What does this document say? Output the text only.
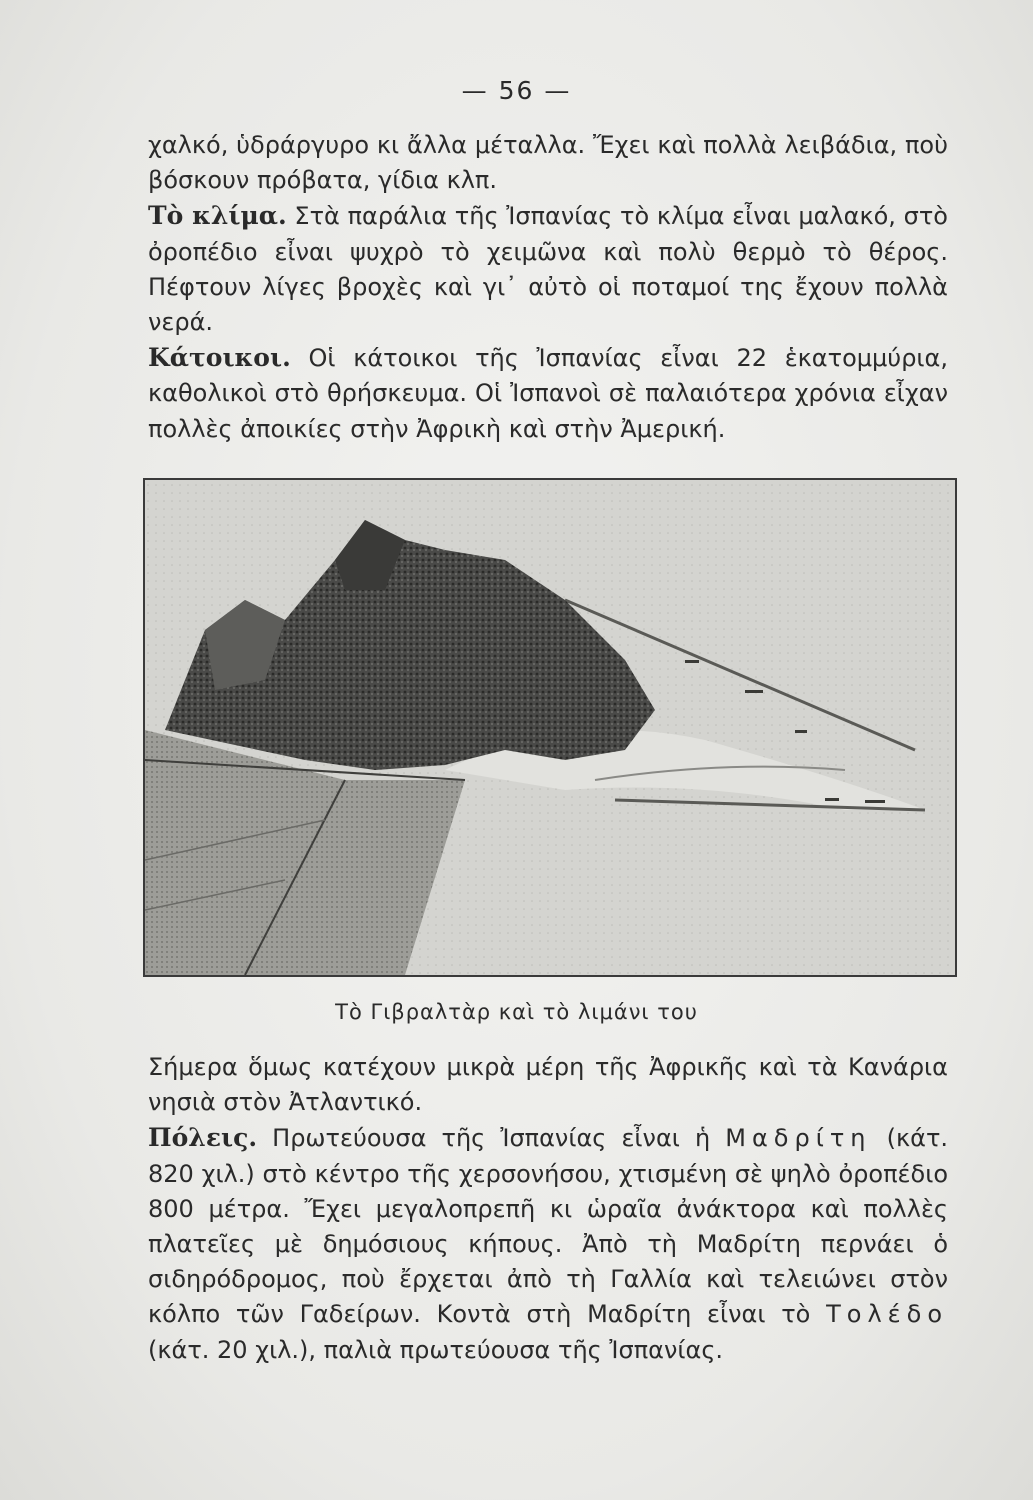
— 56 —

χαλκό, ὑδράργυρο κι ἄλλα μέταλλα. Ἔχει καὶ πολλὰ λειβάδια, ποὺ βόσκουν πρόβατα, γίδια κλπ.

Τὸ κλίμα. Στὰ παράλια τῆς Ἰσπανίας τὸ κλίμα εἶναι μαλακό, στὸ ὀροπέδιο εἶναι ψυχρὸ τὸ χειμῶνα καὶ πολὺ θερμὸ τὸ θέρος. Πέφτουν λίγες βροχὲς καὶ γι᾿ αὐτὸ οἱ ποταμοί της ἔχουν πολλὰ νερά.

Κάτοικοι. Οἱ κάτοικοι τῆς Ἰσπανίας εἶναι 22 ἑκατομμύρια, καθολικοὶ στὸ θρήσκευμα. Οἱ Ἰσπανοὶ σὲ παλαιότερα χρόνια εἶχαν πολλὲς ἀποικίες στὴν Ἀφρικὴ καὶ στὴν Ἀμερική.

Τὸ Γιβραλτὰρ καὶ τὸ λιμάνι του

Σήμερα ὅμως κατέχουν μικρὰ μέρη τῆς Ἀφρικῆς καὶ τὰ Κανάρια νησιὰ στὸν Ἀτλαντικό.

Πόλεις. Πρωτεύουσα τῆς Ἰσπανίας εἶναι ἡ Μαδρίτη (κάτ. 820 χιλ.) στὸ κέντρο τῆς χερσονήσου, χτισμένη σὲ ψηλὸ ὀροπέδιο 800 μέτρα. Ἔχει μεγαλοπρεπῆ κι ὡραῖα ἀνάκτορα καὶ πολλὲς πλατεῖες μὲ δημόσιους κήπους. Ἀπὸ τὴ Μαδρίτη περνάει ὁ σιδηρόδρομος, ποὺ ἔρχεται ἀπὸ τὴ Γαλλία καὶ τελειώνει στὸν κόλπο τῶν Γαδείρων. Κοντὰ στὴ Μαδρίτη εἶναι τὸ Τολέδο (κάτ. 20 χιλ.), παλιὰ πρωτεύουσα τῆς Ἰσπανίας.
